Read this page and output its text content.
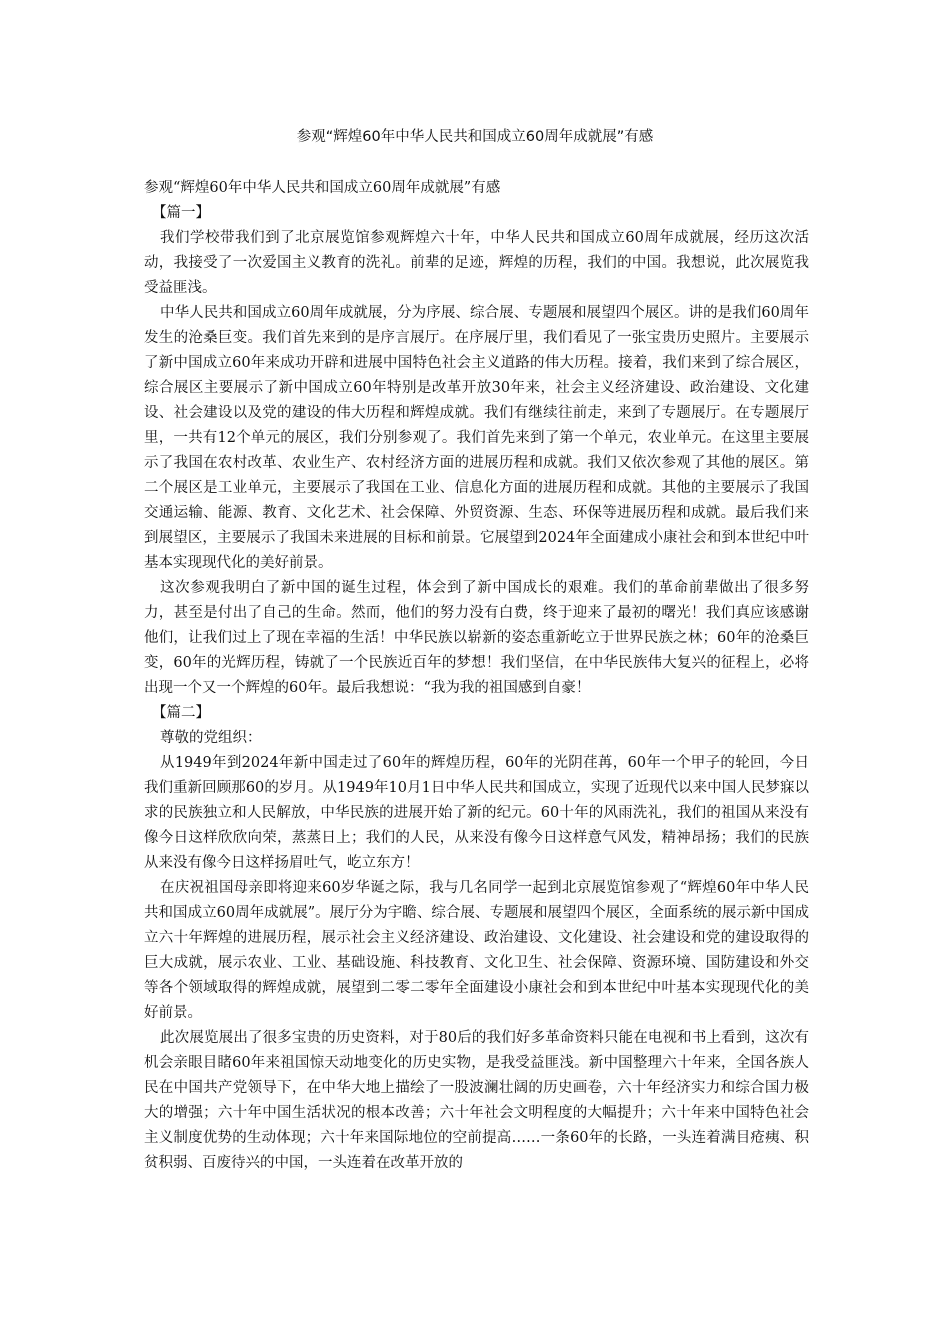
参观“辉煌60年中华人民共和国成立60周年成就展”有感

参观“辉煌60年中华人民共和国成立60周年成就展”有感

【篇一】

我们学校带我们到了北京展览馆参观辉煌六十年，中华人民共和国成立60周年成就展，经历这次活动，我接受了一次爱国主义教育的洗礼。前辈的足迹，辉煌的历程，我们的中国。我想说，此次展览我受益匪浅。

中华人民共和国成立60周年成就展，分为序展、综合展、专题展和展望四个展区。讲的是我们60周年发生的沧桑巨变。我们首先来到的是序言展厅。在序展厅里，我们看见了一张宝贵历史照片。主要展示了新中国成立60年来成功开辟和进展中国特色社会主义道路的伟大历程。接着，我们来到了综合展区，综合展区主要展示了新中国成立60年特别是改革开放30年来，社会主义经济建设、政治建设、文化建设、社会建设以及党的建设的伟大历程和辉煌成就。我们有继续往前走，来到了专题展厅。在专题展厅里，一共有12个单元的展区，我们分别参观了。我们首先来到了第一个单元，农业单元。在这里主要展示了我国在农村改革、农业生产、农村经济方面的进展历程和成就。我们又依次参观了其他的展区。第二个展区是工业单元，主要展示了我国在工业、信息化方面的进展历程和成就。其他的主要展示了我国交通运输、能源、教育、文化艺术、社会保障、外贸资源、生态、环保等进展历程和成就。最后我们来到展望区，主要展示了我国未来进展的目标和前景。它展望到2024年全面建成小康社会和到本世纪中叶基本实现现代化的美好前景。

这次参观我明白了新中国的诞生过程，体会到了新中国成长的艰难。我们的革命前辈做出了很多努力，甚至是付出了自己的生命。然而，他们的努力没有白费，终于迎来了最初的曙光！我们真应该感谢他们，让我们过上了现在幸福的生活！中华民族以崭新的姿态重新屹立于世界民族之林；60年的沧桑巨变，60年的光辉历程，铸就了一个民族近百年的梦想！我们坚信，在中华民族伟大复兴的征程上，必将出现一个又一个辉煌的60年。最后我想说：“我为我的祖国感到自豪！

【篇二】

尊敬的党组织：

从1949年到2024年新中国走过了60年的辉煌历程，60年的光阴荏苒，60年一个甲子的轮回，今日我们重新回顾那60的岁月。从1949年10月1日中华人民共和国成立，实现了近现代以来中国人民梦寐以求的民族独立和人民解放，中华民族的进展开始了新的纪元。60十年的风雨洗礼，我们的祖国从来没有像今日这样欣欣向荣，蒸蒸日上；我们的人民，从来没有像今日这样意气风发，精神昂扬；我们的民族从来没有像今日这样扬眉吐气，屹立东方！

在庆祝祖国母亲即将迎来60岁华诞之际，我与几名同学一起到北京展览馆参观了“辉煌60年中华人民共和国成立60周年成就展”。展厅分为宇瞻、综合展、专题展和展望四个展区，全面系统的展示新中国成立六十年辉煌的进展历程，展示社会主义经济建设、政治建设、文化建设、社会建设和党的建设取得的巨大成就，展示农业、工业、基础设施、科技教育、文化卫生、社会保障、资源环境、国防建设和外交等各个领域取得的辉煌成就，展望到二零二零年全面建设小康社会和到本世纪中叶基本实现现代化的美好前景。

此次展览展出了很多宝贵的历史资料，对于80后的我们好多革命资料只能在电视和书上看到，这次有机会亲眼目睹60年来祖国惊天动地变化的历史实物，是我受益匪浅。新中国整理六十年来，全国各族人民在中国共产党领导下，在中华大地上描绘了一股波澜壮阔的历史画卷，六十年经济实力和综合国力极大的增强；六十年中国生活状况的根本改善；六十年社会文明程度的大幅提升；六十年来中国特色社会主义制度优势的生动体现；六十年来国际地位的空前提高……一条60年的长路，一头连着满目疮痍、积贫积弱、百废待兴的中国，一头连着在改革开放的
